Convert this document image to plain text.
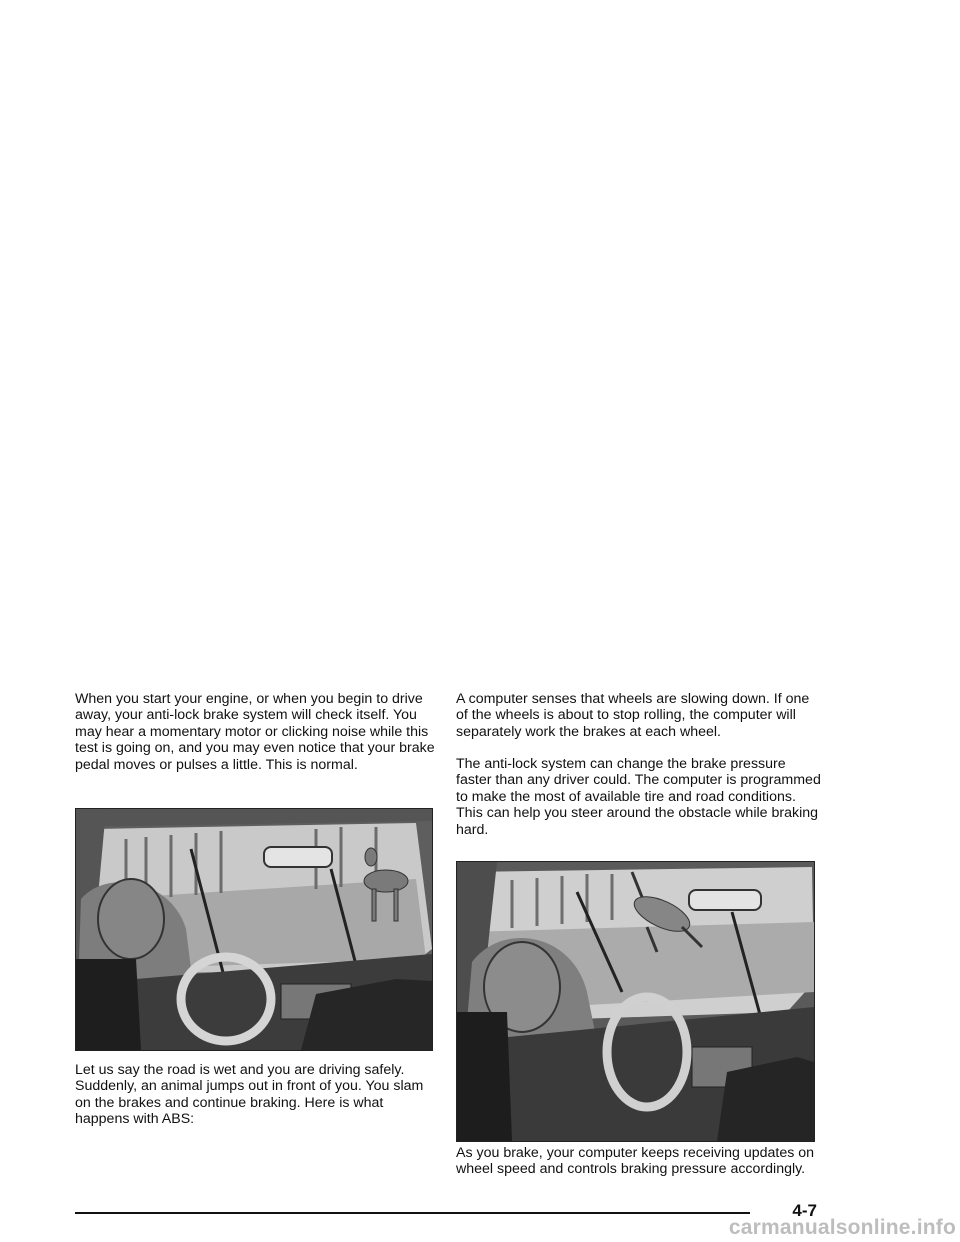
When you start your engine, or when you begin to drive away, your anti-lock brake system will check itself. You may hear a momentary motor or clicking noise while this test is going on, and you may even notice that your brake pedal moves or pulses a little. This is normal.

Let us say the road is wet and you are driving safely. Suddenly, an animal jumps out in front of you. You slam on the brakes and continue braking. Here is what happens with ABS:

A computer senses that wheels are slowing down. If one of the wheels is about to stop rolling, the computer will separately work the brakes at each wheel.

The anti-lock system can change the brake pressure faster than any driver could. The computer is programmed to make the most of available tire and road conditions. This can help you steer around the obstacle while braking hard.

As you brake, your computer keeps receiving updates on wheel speed and controls braking pressure accordingly.

4-7
carmanualsonline.info
